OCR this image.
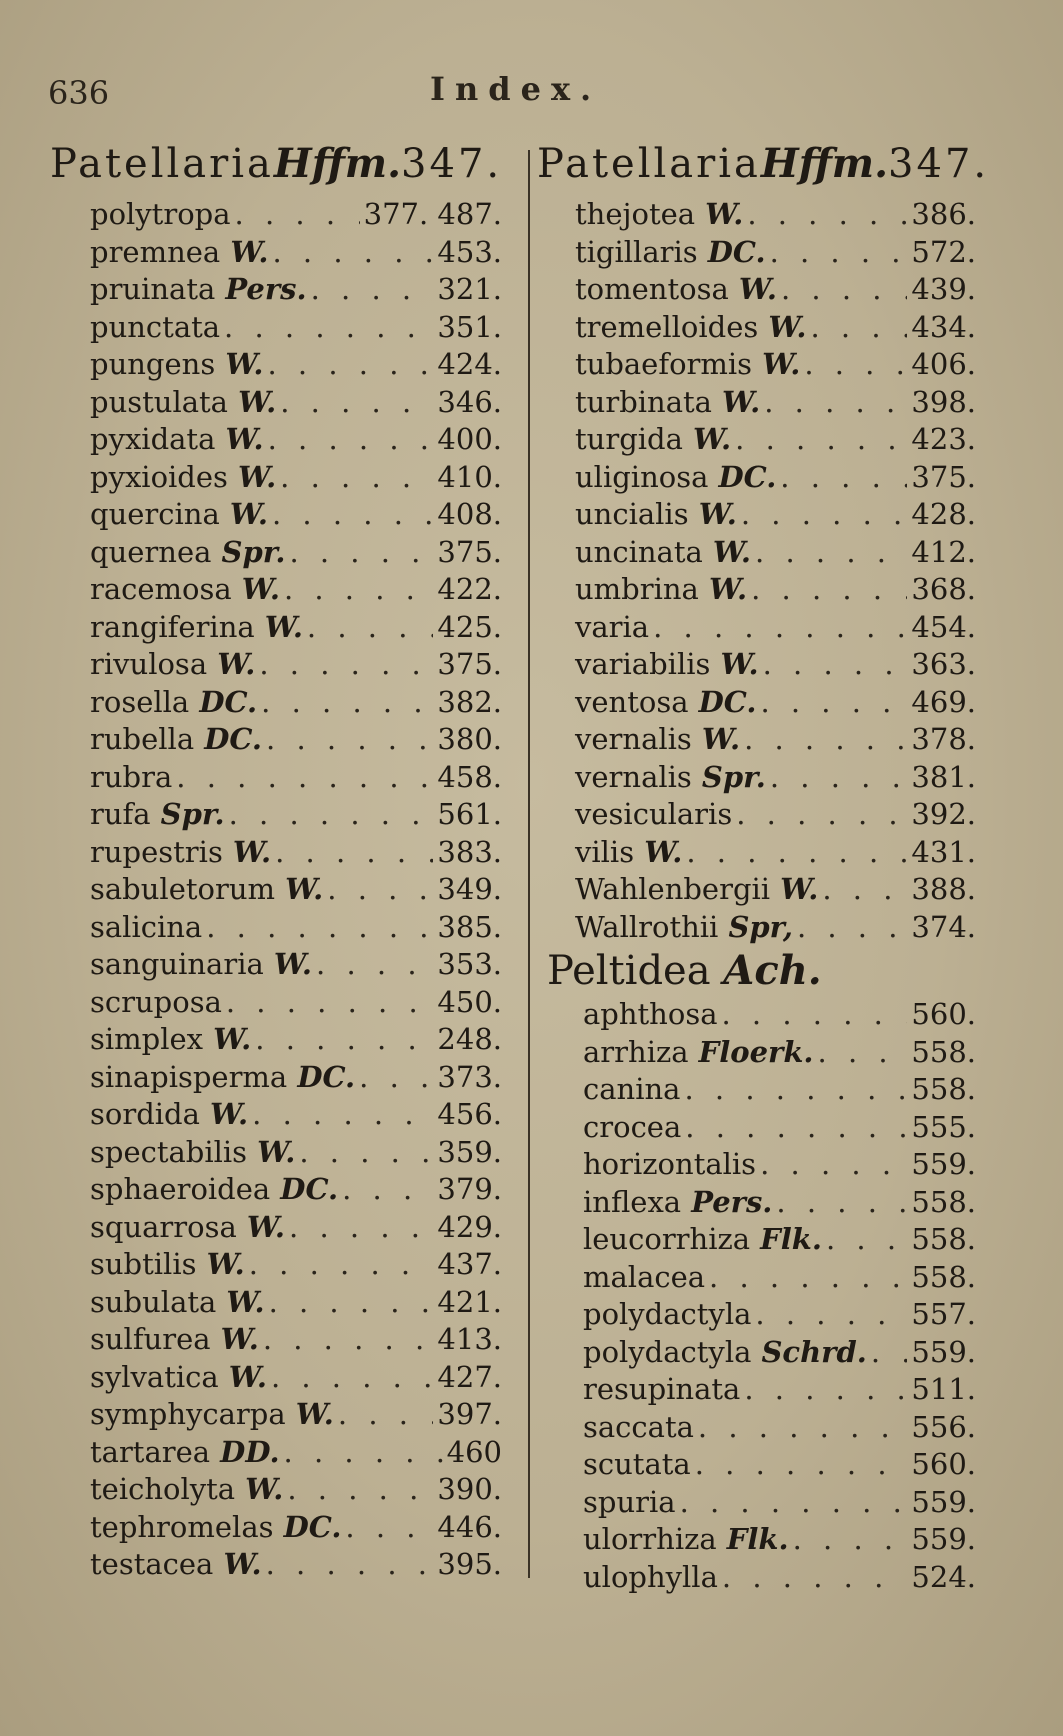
636	Index.
PatellariaHffm.347.
polytropa . . .	377. 487.
premnea W. . . .	453.
pruinata Pers. . . .	321.
punctata . . .	351.
pungens W. . . .	424.
pustulata W. . . .	346.
pyxidata W. . . .	400.
pyxioides W. . . .	410.
quercina W. . . .	408.
quernea Spr. . . .	375.
racemosa W. . . .	422.
rangiferina W. . . .	425.
rivulosa W. . . .	375.
rosella DC. . . .	382.
rubella DC. . . .	380.
rubra . . .	458.
rufa Spr. . . .	561.
rupestris W. . . .	383.
sabuletorum W. . . .	349.
salicina . . .	385.
sanguinaria W. . . .	353.
scruposa . . .	450.
simplex W. . . .	248.
sinapisperma DC. . . .	373.
sordida W. . . .	456.
spectabilis W. . . .	359.
sphaeroidea DC. . . .	379.
squarrosa W. . . .	429.
subtilis W. . . .	437.
subulata W. . . .	421.
sulfurea W. . . .	413.
sylvatica W. . . .	427.
symphycarpa W. . . .	397.
tartarea DD. . . .	460
teicholyta W. . . .	390.
tephromelas DC. . . .	446.
testacea W. . . .	395.
PatellariaHffm.347.
thejotea W. . . .	386.
tigillaris DC. . . .	572.
tomentosa W. . . .	439.
tremelloides W. . . .	434.
tubaeformis W. . . .	406.
turbinata W. . . .	398.
turgida W. . . .	423.
uliginosa DC. . . .	375.
uncialis W. . . .	428.
uncinata W. . . .	412.
umbrina W. . . .	368.
varia . . .	454.
variabilis W. . . .	363.
ventosa DC. . . .	469.
vernalis W. . . .	378.
vernalis Spr. . . .	381.
vesicularis . . .	392.
vilis W. . . .	431.
Wahlenbergii W. . . .	388.
Wallrothii Spr, . . .	374.
Peltidea Ach.
aphthosa . . .	560.
arrhiza Floerk. . . .	558.
canina . . .	558.
crocea . . .	555.
horizontalis . . .	559.
inflexa Pers. . . .	558.
leucorrhiza Flk. . . .	558.
malacea . . .	558.
polydactyla . . .	557.
polydactyla Schrd. . . . 559.
resupinata . . .	511.
saccata . . .	556.
scutata . . .	560.
spuria . . .	559.
ulorrhiza Flk. . . .	559.
ulophylla . . .	524.
